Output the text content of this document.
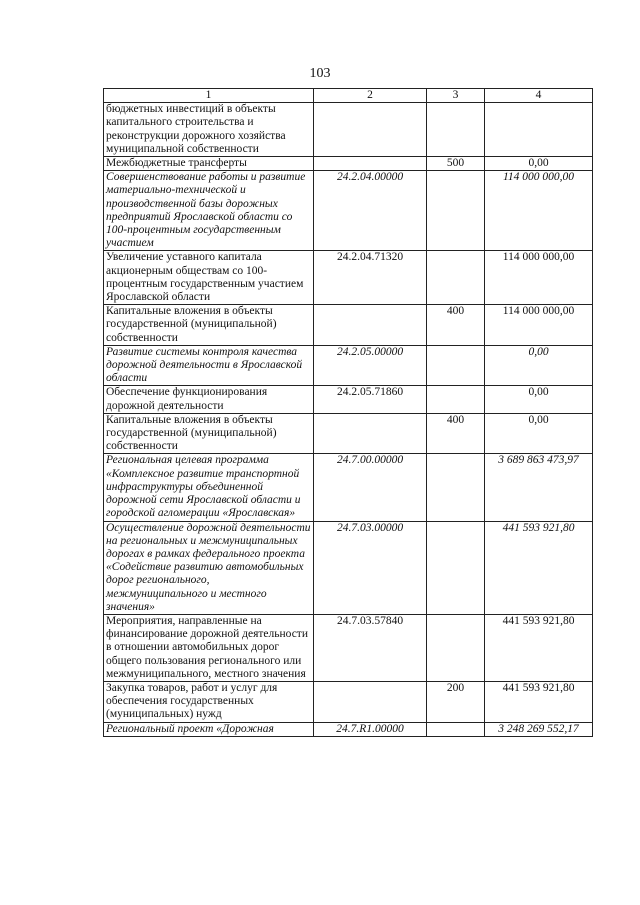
103
1	2	3	4
бюджетных инвестиций в объекты капитального строительства и реконструкции дорожного хозяйства муниципальной собственности			
Межбюджетные трансферты		500	0,00
Совершенствование работы и развитие материально-технической и производственной базы дорожных предприятий Ярославской области со 100-процентным государственным участием	24.2.04.00000		114 000 000,00
Увеличение уставного капитала акционерным обществам со 100-процентным государственным участием Ярославской области	24.2.04.71320		114 000 000,00
Капитальные вложения в объекты государственной (муниципальной) собственности		400	114 000 000,00
Развитие системы контроля качества дорожной деятельности в Ярославской области	24.2.05.00000		0,00
Обеспечение функционирования дорожной деятельности	24.2.05.71860		0,00
Капитальные вложения в объекты государственной (муниципальной) собственности		400	0,00
Региональная целевая программа «Комплексное развитие транспортной инфраструктуры объединенной дорожной сети Ярославской области и городской агломерации «Ярославская»	24.7.00.00000		3 689 863 473,97
Осуществление дорожной деятельности на региональных и межмуниципальных дорогах в рамках федерального проекта «Содействие развитию автомобильных дорог регионального, межмуниципального и местного значения»	24.7.03.00000		441 593 921,80
Мероприятия, направленные на финансирование дорожной деятельности в отношении автомобильных дорог общего пользования регионального или межмуниципального, местного значения	24.7.03.57840		441 593 921,80
Закупка товаров, работ и услуг для обеспечения государственных (муниципальных) нужд		200	441 593 921,80
Региональный проект «Дорожная	24.7.R1.00000		3 248 269 552,17
